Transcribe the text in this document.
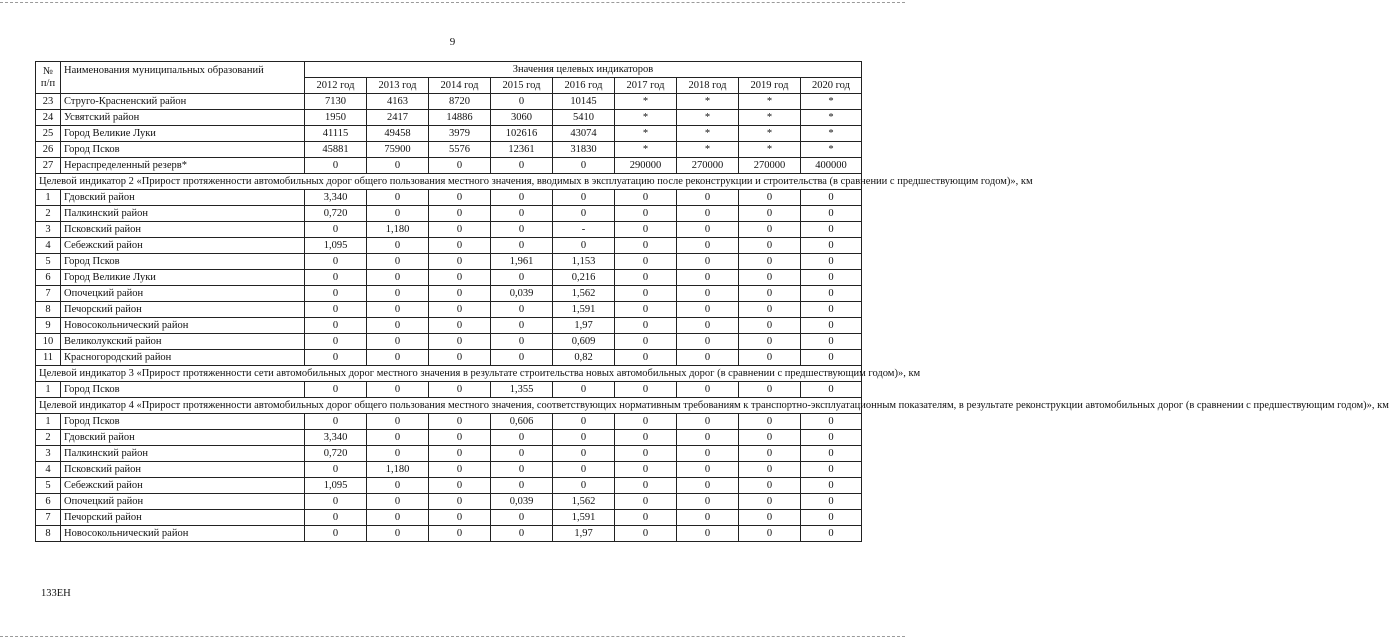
9
№ п/п	Наименования муниципальных образований	Значения целевых индикаторов								
		2012 год	2013 год	2014 год	2015 год	2016 год	2017 год	2018 год	2019 год	2020 год
23	Струго-Красненский район	7130	4163	8720	0	10145	*	*	*	*
24	Усвятский район	1950	2417	14886	3060	5410	*	*	*	*
25	Город Великие Луки	41115	49458	3979	102616	43074	*	*	*	*
26	Город Псков	45881	75900	5576	12361	31830	*	*	*	*
27	Нераспределенный резерв*	0	0	0	0	0	290000	270000	270000	400000
Целевой индикатор 2 «Прирост протяженности автомобильных дорог общего пользования местного значения, вводимых в эксплуатацию после реконструкции и строительства (в сравнении с предшествующим годом)», км										
1	Гдовский район	3,340	0	0	0	0	0	0	0	0
2	Палкинский район	0,720	0	0	0	0	0	0	0	0
3	Псковский район	0	1,180	0	0	-	0	0	0	0
4	Себежский район	1,095	0	0	0	0	0	0	0	0
5	Город Псков	0	0	0	1,961	1,153	0	0	0	0
6	Город Великие Луки	0	0	0	0	0,216	0	0	0	0
7	Опочецкий район	0	0	0	0,039	1,562	0	0	0	0
8	Печорский район	0	0	0	0	1,591	0	0	0	0
9	Новосокольнический район	0	0	0	0	1,97	0	0	0	0
10	Великолукский район	0	0	0	0	0,609	0	0	0	0
11	Красногородский район	0	0	0	0	0,82	0	0	0	0
Целевой индикатор 3 «Прирост протяженности сети автомобильных дорог местного значения в результате строительства новых автомобильных дорог (в сравнении с предшествующим годом)», км										
1	Город Псков	0	0	0	1,355	0	0	0	0	0
Целевой индикатор 4 «Прирост протяженности автомобильных дорог общего пользования местного значения, соответствующих нормативным требованиям к транспортно-эксплуатационным показателям, в результате реконструкции автомобильных дорог (в сравнении с предшествующим годом)», км										
1	Город Псков	0	0	0	0,606	0	0	0	0	0
2	Гдовский район	3,340	0	0	0	0	0	0	0	0
3	Палкинский район	0,720	0	0	0	0	0	0	0	0
4	Псковский район	0	1,180	0	0	0	0	0	0	0
5	Себежский район	1,095	0	0	0	0	0	0	0	0
6	Опочецкий район	0	0	0	0,039	1,562	0	0	0	0
7	Печорский район	0	0	0	0	1,591	0	0	0	0
8	Новосокольнический район	0	0	0	0	1,97	0	0	0	0
133ЕН
